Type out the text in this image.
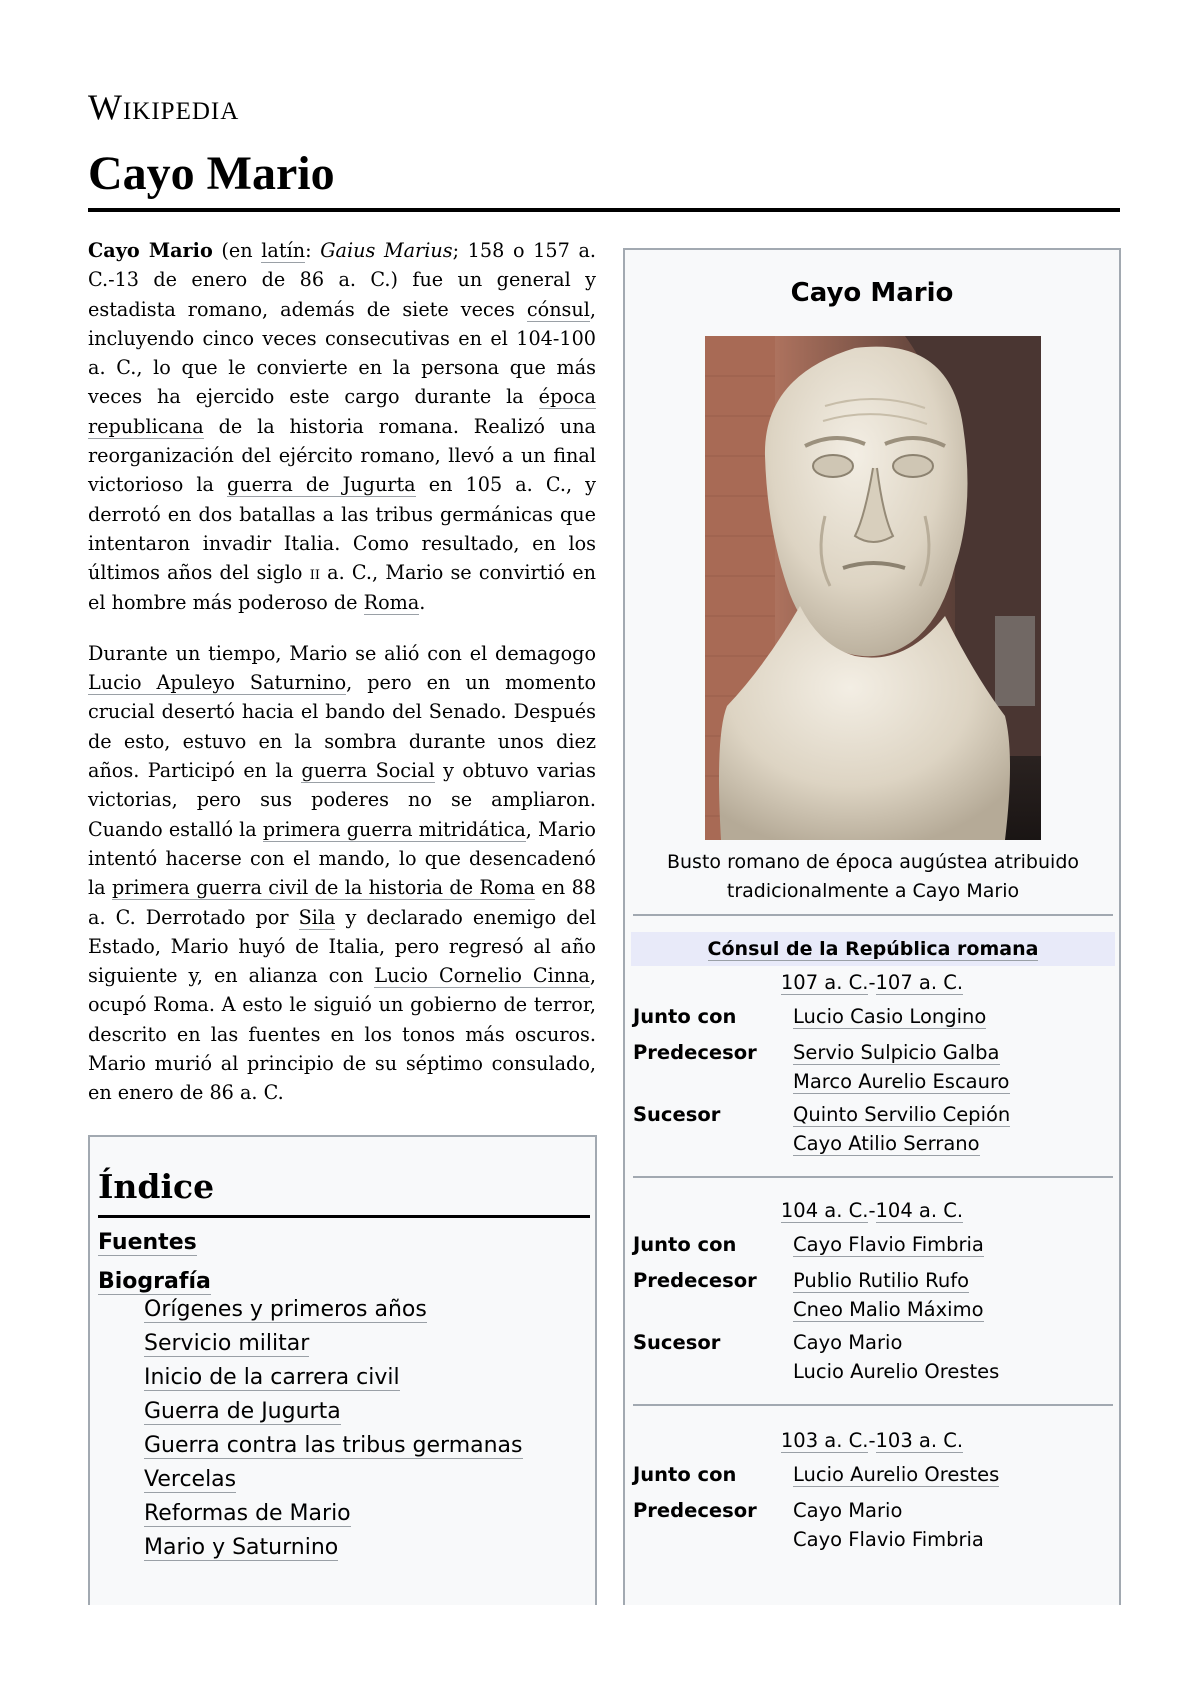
Wikipedia
Cayo Mario

Cayo Mario (en latín: Gaius Marius; 158 o 157 a. C.-13 de enero de 86 a. C.) fue un general y estadista romano, además de siete veces cónsul, incluyendo cinco veces consecutivas en el 104-100 a. C., lo que le convierte en la persona que más veces ha ejercido este cargo durante la época republicana de la historia romana. Realizó una reorganización del ejército romano, llevó a un final victorioso la guerra de Jugurta en 105 a. C., y derrotó en dos batallas a las tribus germánicas que intentaron invadir Italia. Como resultado, en los últimos años del siglo ii a. C., Mario se convirtió en el hombre más poderoso de Roma.

Durante un tiempo, Mario se alió con el demagogo Lucio Apuleyo Saturnino, pero en un momento crucial desertó hacia el bando del Senado. Después de esto, estuvo en la sombra durante unos diez años. Participó en la guerra Social y obtuvo varias victorias, pero sus poderes no se ampliaron. Cuando estalló la primera guerra mitridática, Mario intentó hacerse con el mando, lo que desencadenó la primera guerra civil de la historia de Roma en 88 a. C. Derrotado por Sila y declarado enemigo del Estado, Mario huyó de Italia, pero regresó al año siguiente y, en alianza con Lucio Cornelio Cinna, ocupó Roma. A esto le siguió un gobierno de terror, descrito en las fuentes en los tonos más oscuros. Mario murió al principio de su séptimo consulado, en enero de 86 a. C.

Índice
Fuentes
Biografía
Orígenes y primeros años
Servicio militar
Inicio de la carrera civil
Guerra de Jugurta
Guerra contra las tribus germanas
Vercelas
Reformas de Mario
Mario y Saturnino
Cayo Mario
Busto romano de época augústea atribuido tradicionalmente a Cayo Mario
Cónsul de la República romana
107 a. C.-107 a. C.
Junto con	Lucio Casio Longino
Predecesor Servio Sulpicio Galba
Marco Aurelio Escauro
Sucesor	Quinto Servilio Cepión
Cayo Atilio Serrano
104 a. C.-104 a. C.
Junto con	Cayo Flavio Fimbria
Predecesor Publio Rutilio Rufo
Cneo Malio Máximo
Sucesor	Cayo Mario
Lucio Aurelio Orestes
103 a. C.-103 a. C.
Junto con	Lucio Aurelio Orestes
Predecesor Cayo Mario
Cayo Flavio Fimbria
